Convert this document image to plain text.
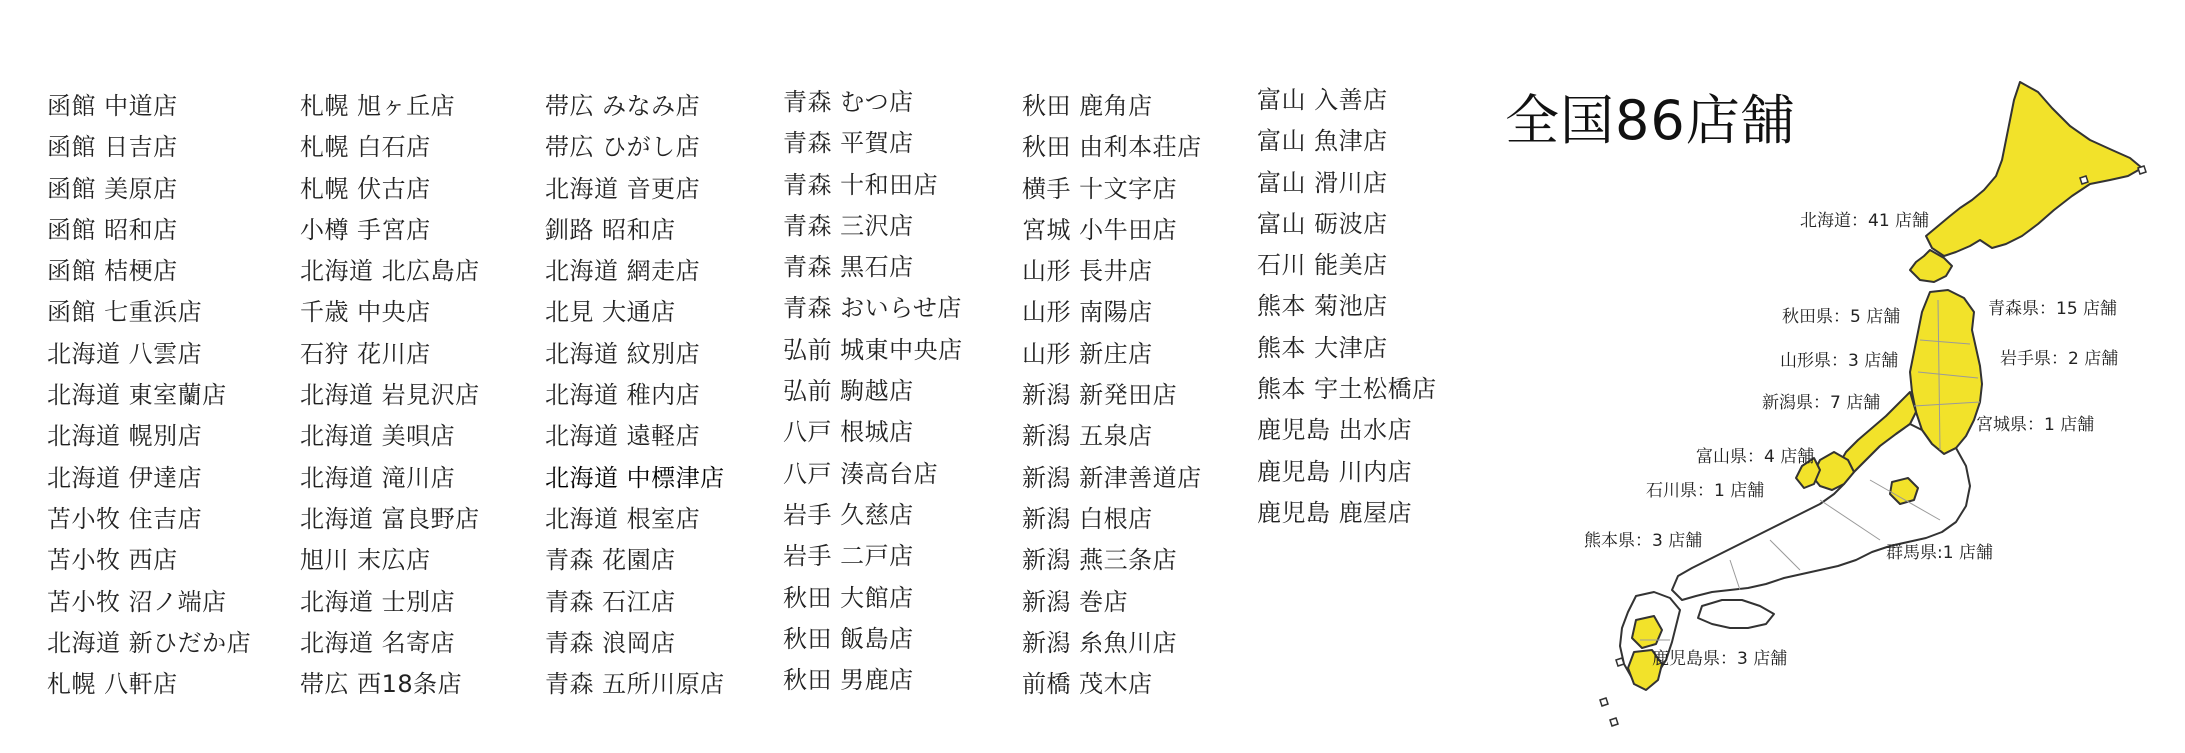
函館 中道店
函館 日吉店
函館 美原店
函館 昭和店
函館 桔梗店
函館 七重浜店
北海道 八雲店
北海道 東室蘭店
北海道 幌別店
北海道 伊達店
苫小牧 住吉店
苫小牧 西店
苫小牧 沼ノ端店
北海道 新ひだか店
札幌 八軒店
札幌 旭ヶ丘店
札幌 白石店
札幌 伏古店
小樽 手宮店
北海道 北広島店
千歳 中央店
石狩 花川店
北海道 岩見沢店
北海道 美唄店
北海道 滝川店
北海道 富良野店
旭川 末広店
北海道 士別店
北海道 名寄店
帯広 西18条店
帯広 みなみ店
帯広 ひがし店
北海道 音更店
釧路 昭和店
北海道 網走店
北見 大通店
北海道 紋別店
北海道 稚内店
北海道 遠軽店
北海道 中標津店
北海道 根室店
青森 花園店
青森 石江店
青森 浪岡店
青森 五所川原店
青森 むつ店
青森 平賀店
青森 十和田店
青森 三沢店
青森 黒石店
青森 おいらせ店
弘前 城東中央店
弘前 駒越店
八戸 根城店
八戸 湊高台店
岩手 久慈店
岩手 二戸店
秋田 大館店
秋田 飯島店
秋田 男鹿店
秋田 鹿角店
秋田 由利本荘店
横手 十文字店
宮城 小牛田店
山形 長井店
山形 南陽店
山形 新庄店
新潟 新発田店
新潟 五泉店
新潟 新津善道店
新潟 白根店
新潟 燕三条店
新潟 巻店
新潟 糸魚川店
前橋 茂木店
富山 入善店
富山 魚津店
富山 滑川店
富山 砺波店
石川 能美店
熊本 菊池店
熊本 大津店
熊本 宇土松橋店
鹿児島 出水店
鹿児島 川内店
鹿児島 鹿屋店
全国86店舗
北海道：41 店舗
青森県：15 店舗
秋田県：5 店舗
岩手県：2 店舗
山形県：3 店舗
新潟県：7 店舗
宮城県：1 店舗
富山県：4 店舗
石川県：1 店舗
熊本県：3 店舗
群馬県:1 店舗
鹿児島県：3 店舗
